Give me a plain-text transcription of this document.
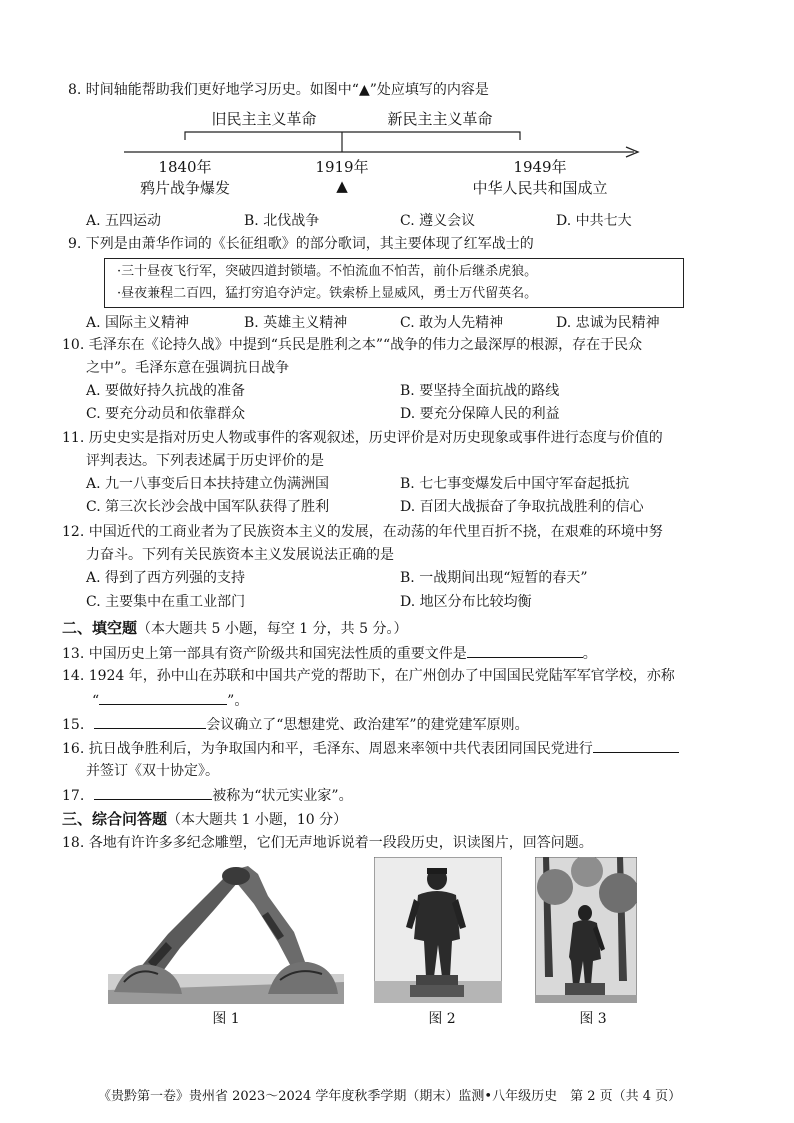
8. 时间轴能帮助我们更好地学习历史。如图中“▲”处应填写的内容是
旧民主主义革命	新民主主义革命
1840年	1919年	1949年
鸦片战争爆发	▲	中华人民共和国成立
A. 五四运动	B. 北伐战争	C. 遵义会议	D. 中共七大
9. 下列是由萧华作词的《长征组歌》的部分歌词，其主要体现了红军战士的
·三十昼夜飞行军，突破四道封锁墙。不怕流血不怕苦，前仆后继杀虎狼。
·昼夜兼程二百四，猛打穷追夺泸定。铁索桥上显威风，勇士万代留英名。
A. 国际主义精神	B. 英雄主义精神	C. 敢为人先精神	D. 忠诚为民精神
10. 毛泽东在《论持久战》中提到“兵民是胜利之本”“战争的伟力之最深厚的根源，存在于民众
之中”。毛泽东意在强调抗日战争
A. 要做好持久抗战的准备	B. 要坚持全面抗战的路线
C. 要充分动员和依靠群众	D. 要充分保障人民的利益
11. 历史史实是指对历史人物或事件的客观叙述，历史评价是对历史现象或事件进行态度与价值的
评判表达。下列表述属于历史评价的是
A. 九一八事变后日本扶持建立伪满洲国	B. 七七事变爆发后中国守军奋起抵抗
C. 第三次长沙会战中国军队获得了胜利	D. 百团大战振奋了争取抗战胜利的信心
12. 中国近代的工商业者为了民族资本主义的发展，在动荡的年代里百折不挠，在艰难的环境中努
力奋斗。下列有关民族资本主义发展说法正确的是
A. 得到了西方列强的支持	B. 一战期间出现“短暂的春天”
C. 主要集中在重工业部门	D. 地区分布比较均衡
二、填空题（本大题共 5 小题，每空 1 分，共 5 分。）
13. 中国历史上第一部具有资产阶级共和国宪法性质的重要文件是	。
14. 1924 年，孙中山在苏联和中国共产党的帮助下，在广州创办了中国国民党陆军军官学校，亦称
“	”。
15.	会议确立了“思想建党、政治建军”的建党建军原则。
16. 抗日战争胜利后，为争取国内和平，毛泽东、周恩来率领中共代表团同国民党进行
并签订《双十协定》。
17.	被称为“状元实业家”。
三、综合问答题（本大题共 1 小题，10 分）
18. 各地有许许多多纪念雕塑，它们无声地诉说着一段段历史，识读图片，回答问题。
图 1	图 2	图 3
《贵黔第一卷》贵州省 2023～2024 学年度秋季学期（期末）监测•八年级历史　第 2 页（共 4 页）
